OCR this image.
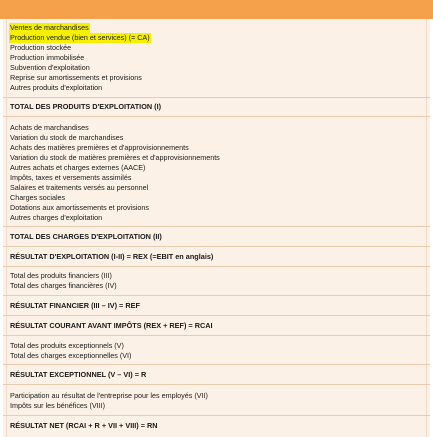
Ventes de marchandises
Production vendue (bien et services) (= CA)
Production stockée
Production immobilisée
Subvention d'exploitation
Reprise sur amortissements et provisions
Autres produits d'exploitation
TOTAL DES PRODUITS D'EXPLOITATION (I)
Achats de marchandises
Variation du stock de marchandises
Achats des matières premières et d'approvisionnements
Variation du stock de matières premières et d'approvisionnements
Autres achats et charges externes (AACE)
Impôts, taxes et versements assimilés
Salaires et traitements versés au personnel
Charges sociales
Dotations aux amortissements et provisions
Autres charges d'exploitation
TOTAL DES CHARGES D'EXPLOITATION (II)
RÉSULTAT D'EXPLOITATION (I-II) = REX (=EBIT en anglais)
Total des produits financiers (III)
Total des charges financières (IV)
RÉSULTAT FINANCIER (III – IV) = REF
RÉSULTAT COURANT AVANT IMPÔTS (REX + REF) = RCAI
Total des produits exceptionnels (V)
Total des charges exceptionnelles (VI)
RÉSULTAT EXCEPTIONNEL (V – VI) = R
Participation au résultat de l'entreprise pour les employés (VII)
Impôts sur les bénéfices (VIII)
RÉSULTAT NET (RCAI + R + VII + VIII) = RN
